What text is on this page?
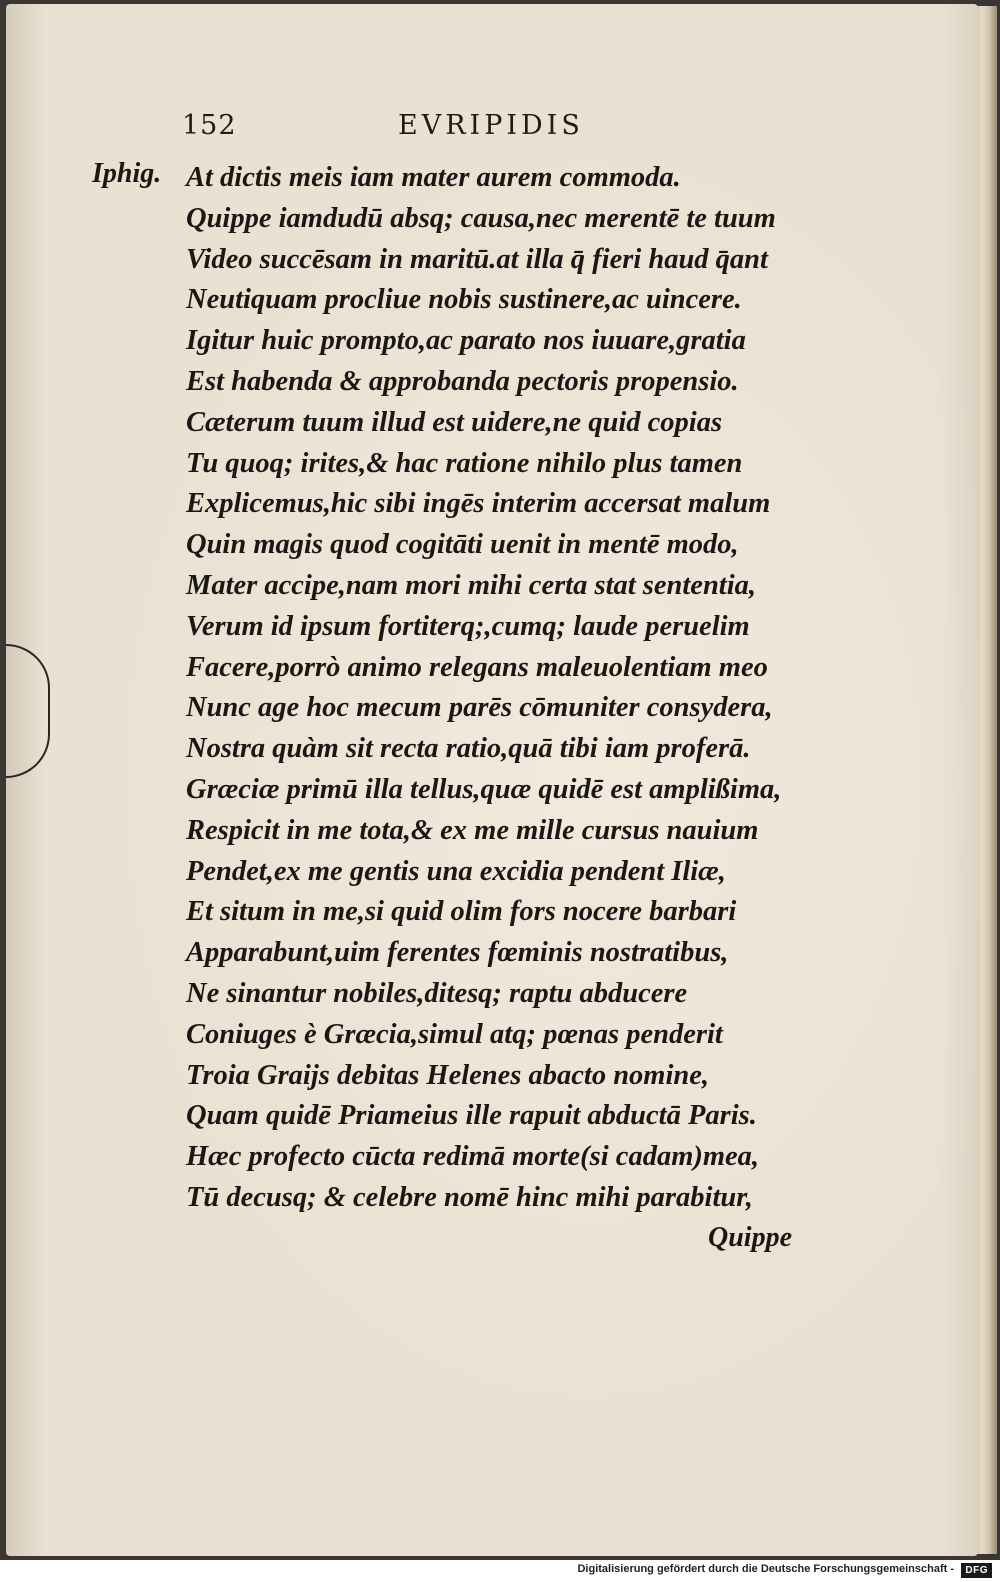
152	EVRIPIDIS
Iphig. At dictis meis iam mater aurem commoda.
Quippe iamdudū absq; causa,nec merentē te tuum
Video succēsam in maritū.at illa q̄ fieri haud q̄ant
Neutiquam procliue nobis sustinere,ac uincere.
Igitur huic prompto,ac parato nos iuuare,gratia
Est habenda & approbanda pectoris propensio.
Cæterum tuum illud est uidere,ne quid copias
Tu quoq; irites,& hac ratione nihilo plus tamen
Explicemus,hic sibi ingēs interim accersat malum
Quin magis quod cogitāti uenit in mentē modo,
Mater accipe,nam mori mihi certa stat sententia,
Verum id ipsum fortiterq;,cumq; laude peruelim
Facere,porrò animo relegans maleuolentiam meo
Nunc age hoc mecum parēs cōmuniter consydera,
Nostra quàm sit recta ratio,quā tibi iam proferā.
Græciæ primū illa tellus,quæ quidē est amplißima,
Respicit in me tota,& ex me mille cursus nauium
Pendet,ex me gentis una excidia pendent Iliæ,
Et situm in me,si quid olim fors nocere barbari
Apparabunt,uim ferentes fœminis nostratibus,
Ne sinantur nobiles,ditesq; raptu abducere
Coniuges è Græcia,simul atq; pœnas penderit
Troia Graijs debitas Helenes abacto nomine,
Quam quidē Priameius ille rapuit abductā Paris.
Hæc profecto cūcta redimā morte(si cadam)mea,
Tū decusq; & celebre nomē hinc mihi parabitur,
Quippe
Digitalisierung gefördert durch die Deutsche Forschungsgemeinschaft -	DFG
